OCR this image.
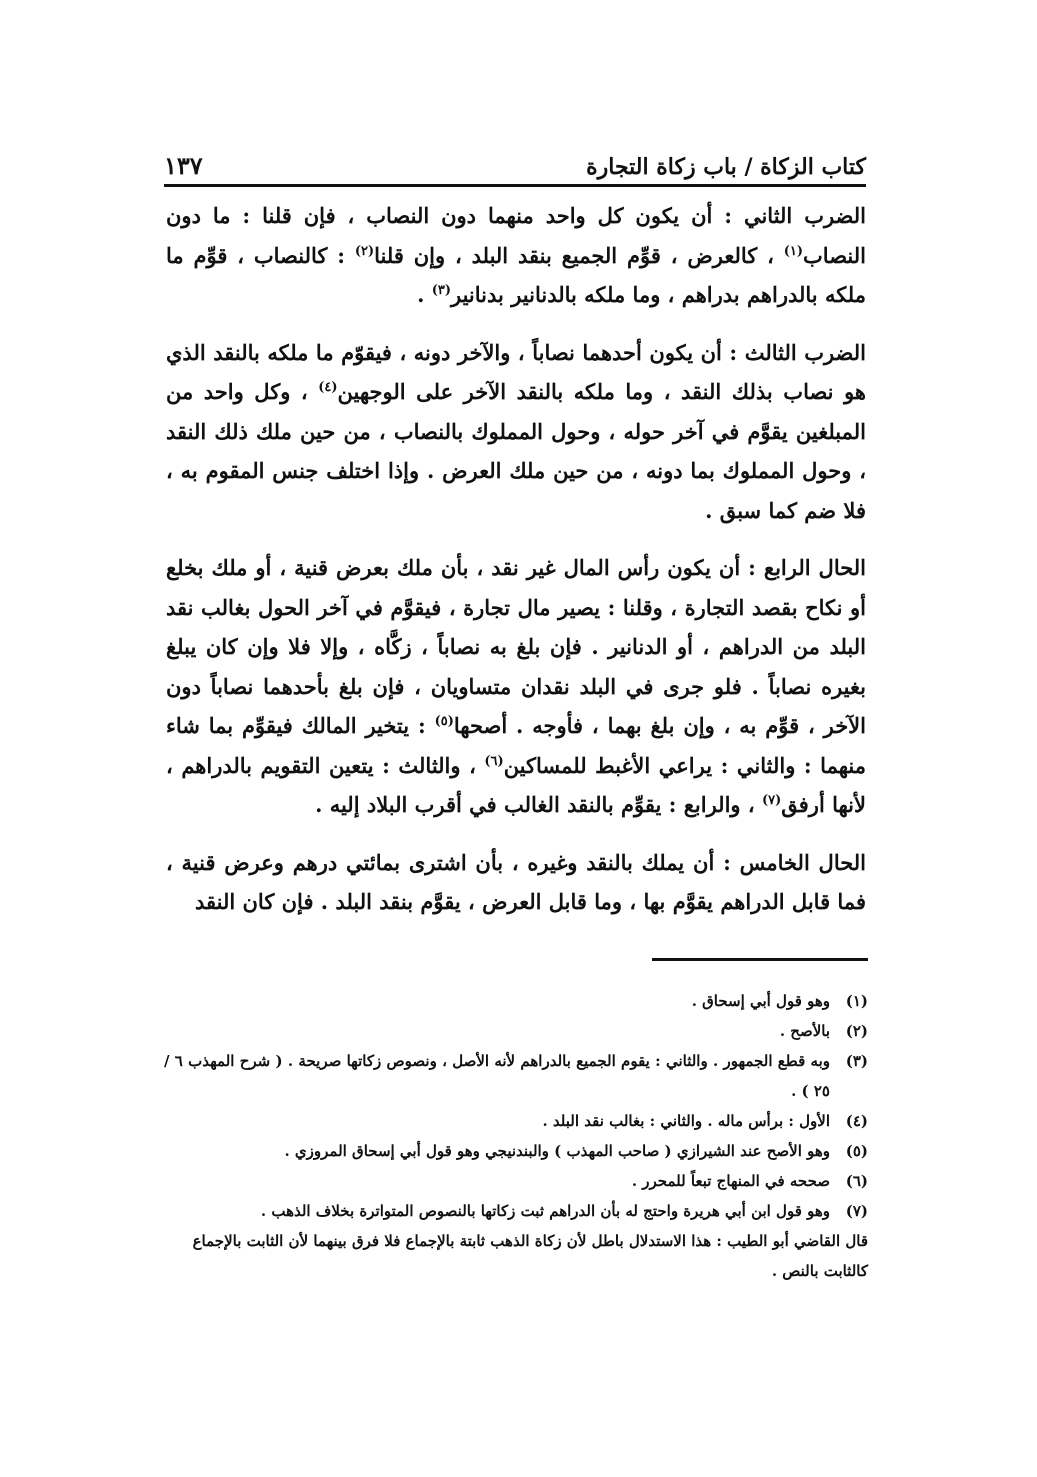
كتاب الزكاة / باب زكاة التجارة
١٣٧

الضرب الثاني : أن يكون كل واحد منهما دون النصاب ، فإن قلنا : ما دون النصاب$^{(١)}$ ، كالعرض ، قوِّم الجميع بنقد البلد ، وإن قلنا$^{(٢)}$ : كالنصاب ، قوِّم ما ملكه بالدراهم بدراهم ، وما ملكه بالدنانير بدنانير$^{(٣)}$ .

الضرب الثالث : أن يكون أحدهما نصاباً ، والآخر دونه ، فيقوّم ما ملكه بالنقد الذي هو نصاب بذلك النقد ، وما ملكه بالنقد الآخر على الوجهين$^{(٤)}$ ، وكل واحد من المبلغين يقوَّم في آخر حوله ، وحول المملوك بالنصاب ، من حين ملك ذلك النقد ، وحول المملوك بما دونه ، من حين ملك العرض . وإذا اختلف جنس المقوم به ، فلا ضم كما سبق .

الحال الرابع : أن يكون رأس المال غير نقد ، بأن ملك بعرض قنية ، أو ملك بخلع أو نكاح بقصد التجارة ، وقلنا : يصير مال تجارة ، فيقوَّم في آخر الحول بغالب نقد البلد من الدراهم ، أو الدنانير . فإن بلغ به نصاباً ، زكَّاه ، وإلا فلا وإن كان يبلغ بغيره نصاباً . فلو جرى في البلد نقدان متساويان ، فإن بلغ بأحدهما نصاباً دون الآخر ، قوِّم به ، وإن بلغ بهما ، فأوجه . أصحها$^{(٥)}$ : يتخير المالك فيقوِّم بما شاء منهما : والثاني : يراعي الأغبط للمساكين$^{(٦)}$ ، والثالث : يتعين التقويم بالدراهم ، لأنها أرفق$^{(٧)}$ ، والرابع : يقوِّم بالنقد الغالب في أقرب البلاد إليه .

الحال الخامس : أن يملك بالنقد وغيره ، بأن اشترى بمائتي درهم وعرض قنية ، فما قابل الدراهم يقوَّم بها ، وما قابل العرض ، يقوَّم بنقد البلد . فإن كان النقد

(١)
وهو قول أبي إسحاق .
(٢)
بالأصح .
(٣)
وبه قطع الجمهور . والثاني : يقوم الجميع بالدراهم لأنه الأصل ، ونصوص زكاتها صريحة . ( شرح المهذب ٦ / ٢٥ ) .
(٤)
الأول : برأس ماله . والثاني : بغالب نقد البلد .
(٥)
وهو الأصح عند الشيرازي ( صاحب المهذب ) والبندنيجي وهو قول أبي إسحاق المروزي .
(٦)
صححه في المنهاج تبعاً للمحرر .
(٧)
وهو قول ابن أبي هريرة واحتج له بأن الدراهم ثبت زكاتها بالنصوص المتواترة بخلاف الذهب .
قال القاضي أبو الطيب : هذا الاستدلال باطل لأن زكاة الذهب ثابتة بالإجماع فلا فرق بينهما لأن الثابت بالإجماع كالثابت بالنص .
